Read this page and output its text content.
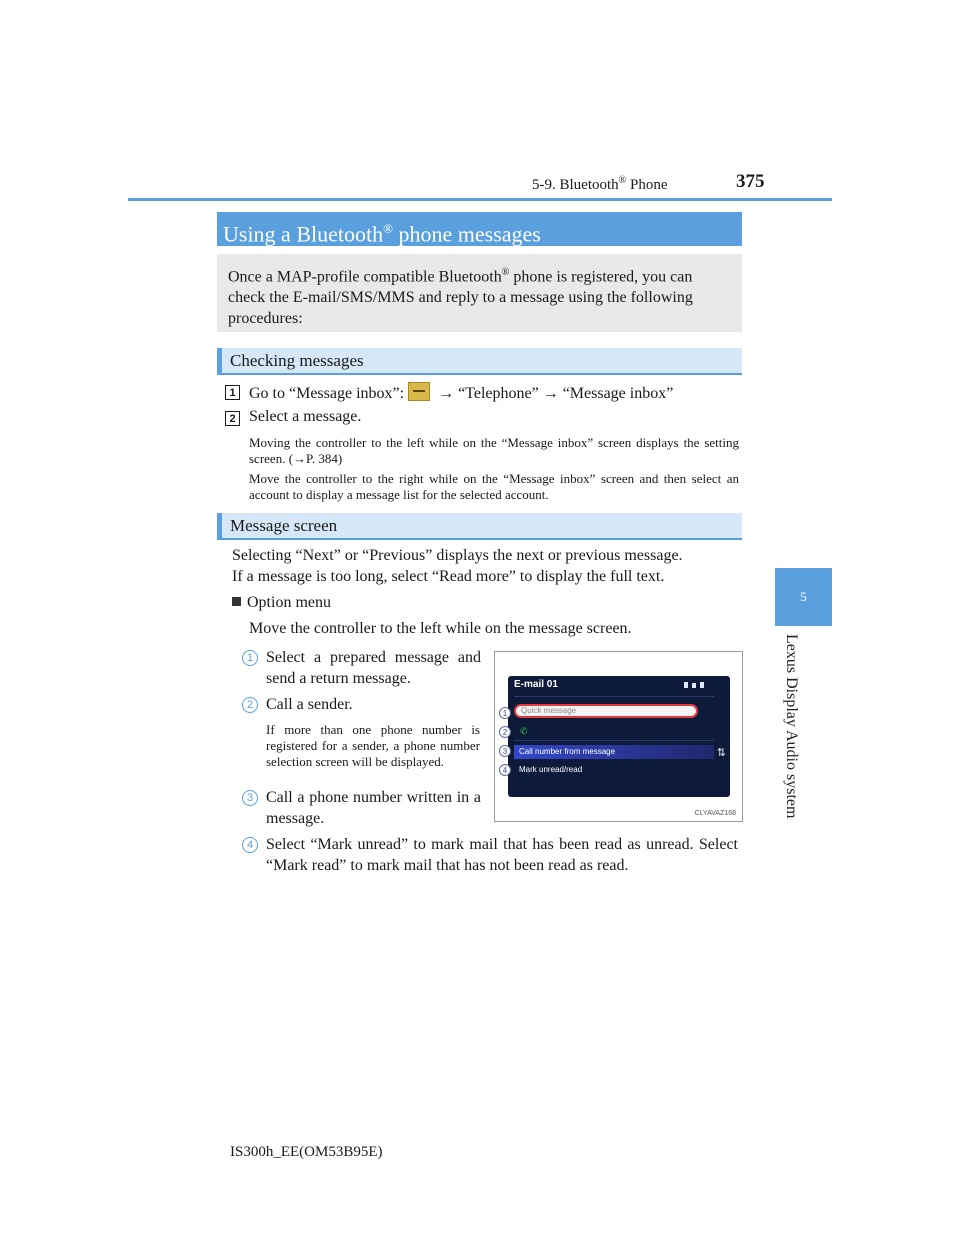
5-9. Bluetooth® Phone	375
5
Lexus Display Audio system
Using a Bluetooth® phone messages
Once a MAP-profile compatible Bluetooth® phone is registered, you can check the E-mail/SMS/MMS and reply to a message using the following procedures:
Checking messages
1 Go to “Message inbox”: → “Telephone” → “Message inbox”
2 Select a message.
Moving the controller to the left while on the “Message inbox” screen displays the setting screen. (→P. 384)
Move the controller to the right while on the “Message inbox” screen and then select an account to display a message list for the selected account.
Message screen
Selecting “Next” or “Previous” displays the next or previous message.
If a message is too long, select “Read more” to display the full text.
Option menu
Move the controller to the left while on the message screen.
1 Select a prepared message and send a return message.
2 Call a sender.
If more than one phone number is registered for a sender, a phone number selection screen will be displayed.
3 Call a phone number written in a message.
4 Select “Mark unread” to mark mail that has been read as unread. Select “Mark read” to mark mail that has not been read as read.
E-mail 01
Quick message
✆
Call number from message
Mark unread/read
⇅
1
2
3
4
CLYAVAZ168
IS300h_EE(OM53B95E)
